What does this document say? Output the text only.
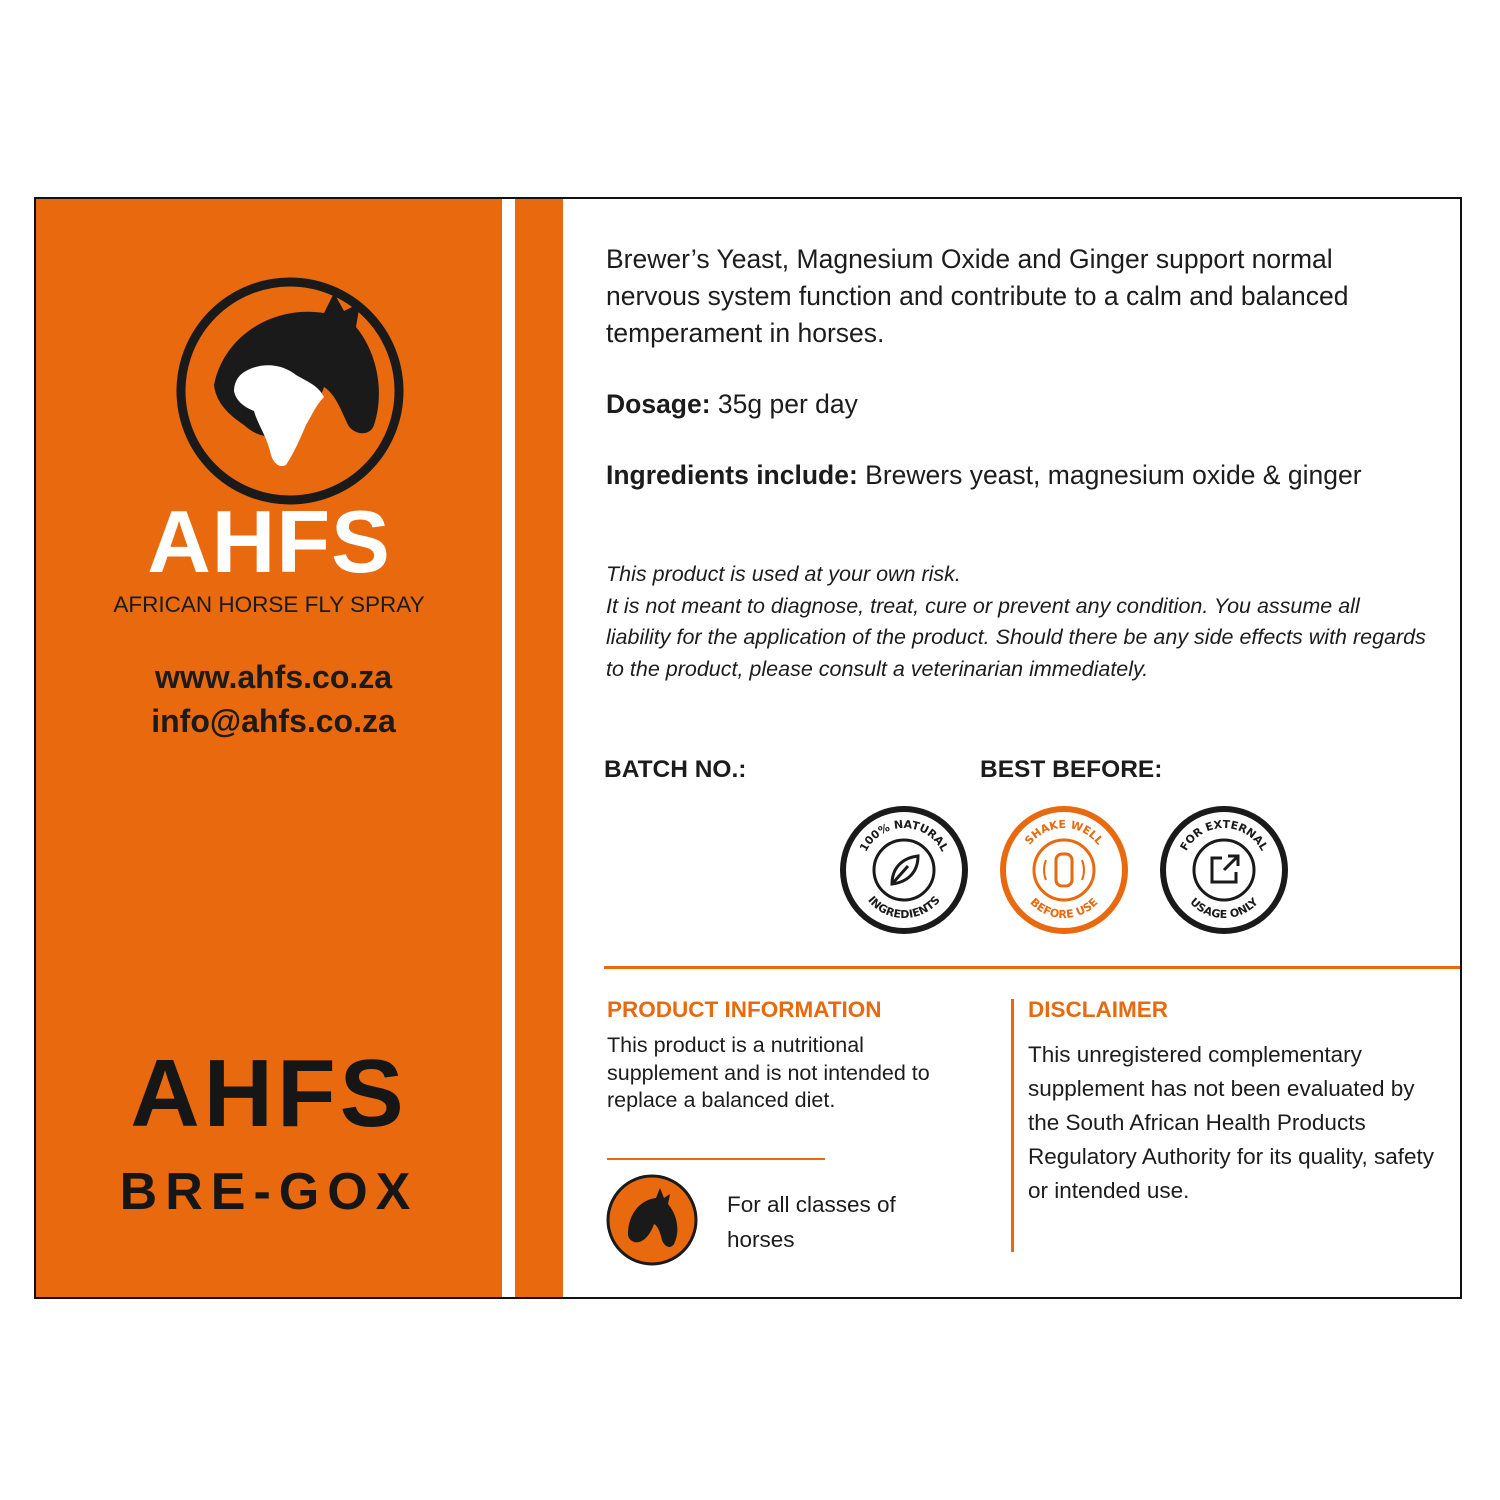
AHFS
AFRICAN HORSE FLY SPRAY
www.ahfs.co.za
info@ahfs.co.za
AHFS
BRE-GOX
Brewer’s Yeast, Magnesium Oxide and Ginger support normal nervous system function and contribute to a calm and balanced temperament in horses.
Dosage: 35g per day
Ingredients include: Brewers yeast, magnesium oxide & ginger
This product is used at your own risk.
It is not meant to diagnose, treat, cure or prevent any condition. You assume all liability for the application of the product. Should there be any side effects with regards to the product, please consult a veterinarian immediately.
BATCH NO.:	BEST BEFORE:
100% NATURAL
INGREDIENTS
SHAKE WELL
BEFORE USE
FOR EXTERNAL
USAGE ONLY
PRODUCT INFORMATION
This product is a nutritional supplement and is not intended to replace a balanced diet.
For all classes of horses
DISCLAIMER
This unregistered complementary supplement has not been evaluated by the South African Health Products Regulatory Authority for its quality, safety or intended use.
